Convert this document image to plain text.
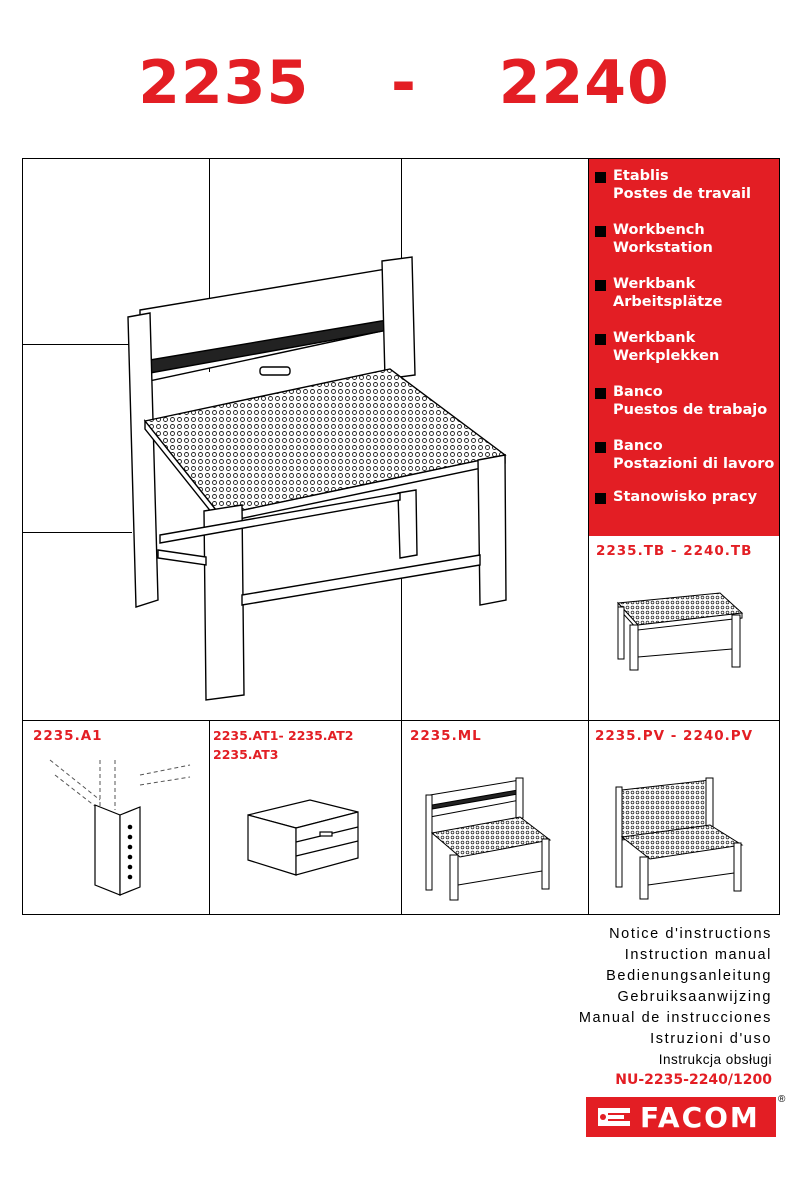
2235 - 2240
Etablis
Postes de travail
Workbench
Workstation
Werkbank
Arbeitsplätze
Werkbank
Werkplekken
Banco
Puestos de trabajo
Banco
Postazioni di lavoro
Stanowisko pracy
2235.TB - 2240.TB
2235.A1	2235.AT1- 2235.AT2
2235.AT3
2235.ML	2235.PV - 2240.PV
Notice d'instructions
Instruction manual
Bedienungsanleitung
Gebruiksaanwijzing
Manual de instrucciones
Istruzioni d'uso
Instrukcja obsługi
NU-2235-2240/1200
FACOM
®
